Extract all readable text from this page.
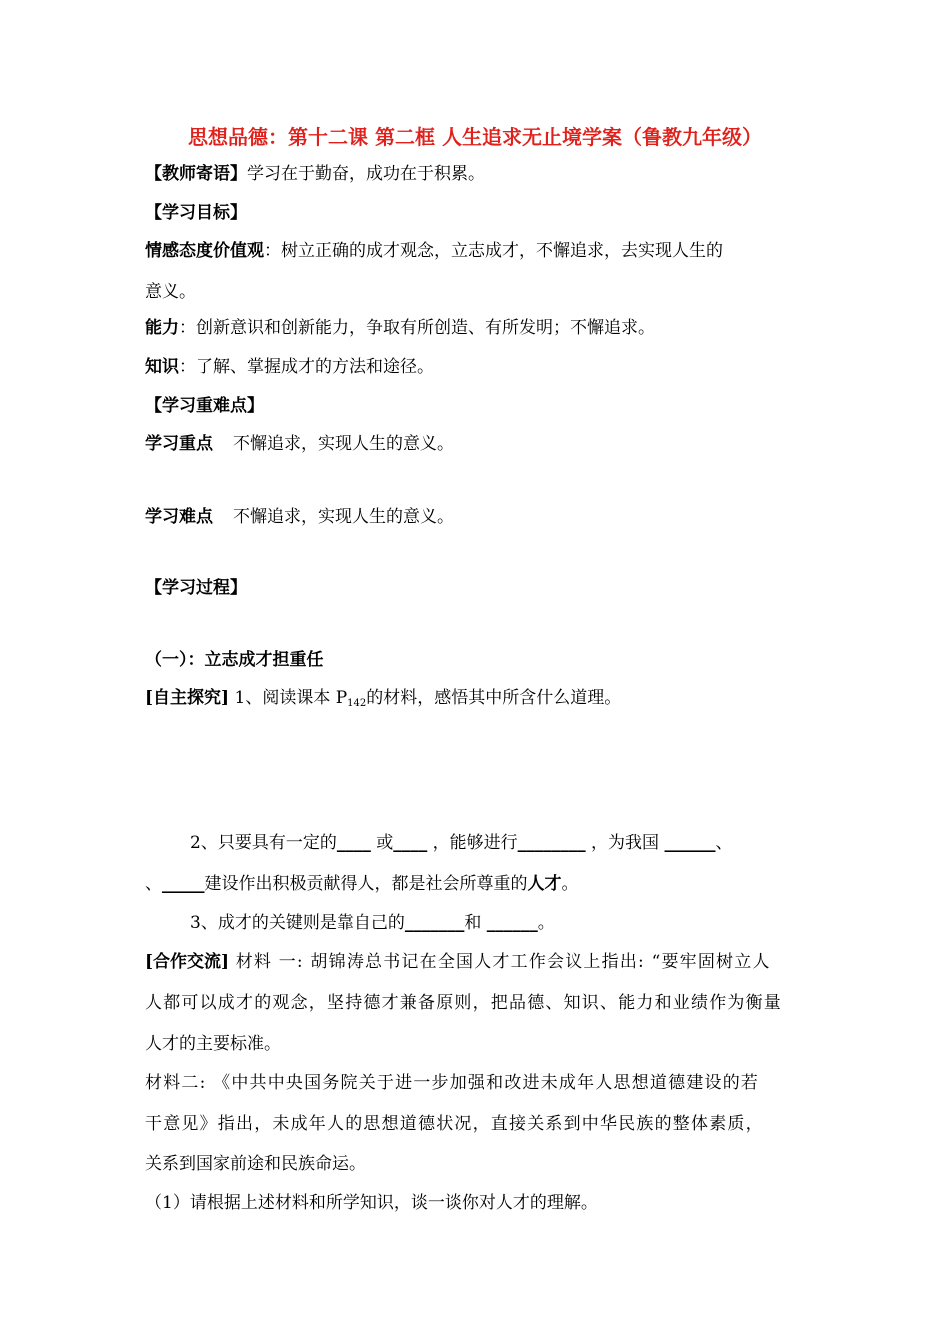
思想品德：第十二课 第二框 人生追求无止境学案（鲁教九年级）
【教师寄语】学习在于勤奋，成功在于积累。
【学习目标】
情感态度价值观：树立正确的成才观念，立志成才，不懈追求，去实现人生的
意义。
能力：创新意识和创新能力，争取有所创造、有所发明；不懈追求。
知识：了解、掌握成才的方法和途径。
【学习重难点】
学习重点 不懈追求，实现人生的意义。
学习难点 不懈追求，实现人生的意义。
【学习过程】
（一）：立志成才担重任
[自主探究] 1、阅读课本 $P_{142}$的材料，感悟其中所含什么道理。
2、只要具有一定的____ 或____ ，能够进行________ ，为我国 ______、
、_____建设作出积极贡献得人，都是社会所尊重的人才。
3、成才的关键则是靠自己的_______和 ______。
[合作交流] 材料 一: 胡锦涛总书记在全国人才工作会议上指出: “要牢固树立人
人都可以成才的观念，坚持德才兼备原则，把品德、知识、能力和业绩作为衡量
人才的主要标准。
材料二: 《中共中央国务院关于进一步加强和改进未成年人思想道德建设的若
干意见》指出，未成年人的思想道德状况，直接关系到中华民族的整体素质，
关系到国家前途和民族命运。
（1）请根据上述材料和所学知识，谈一谈你对人才的理解。
